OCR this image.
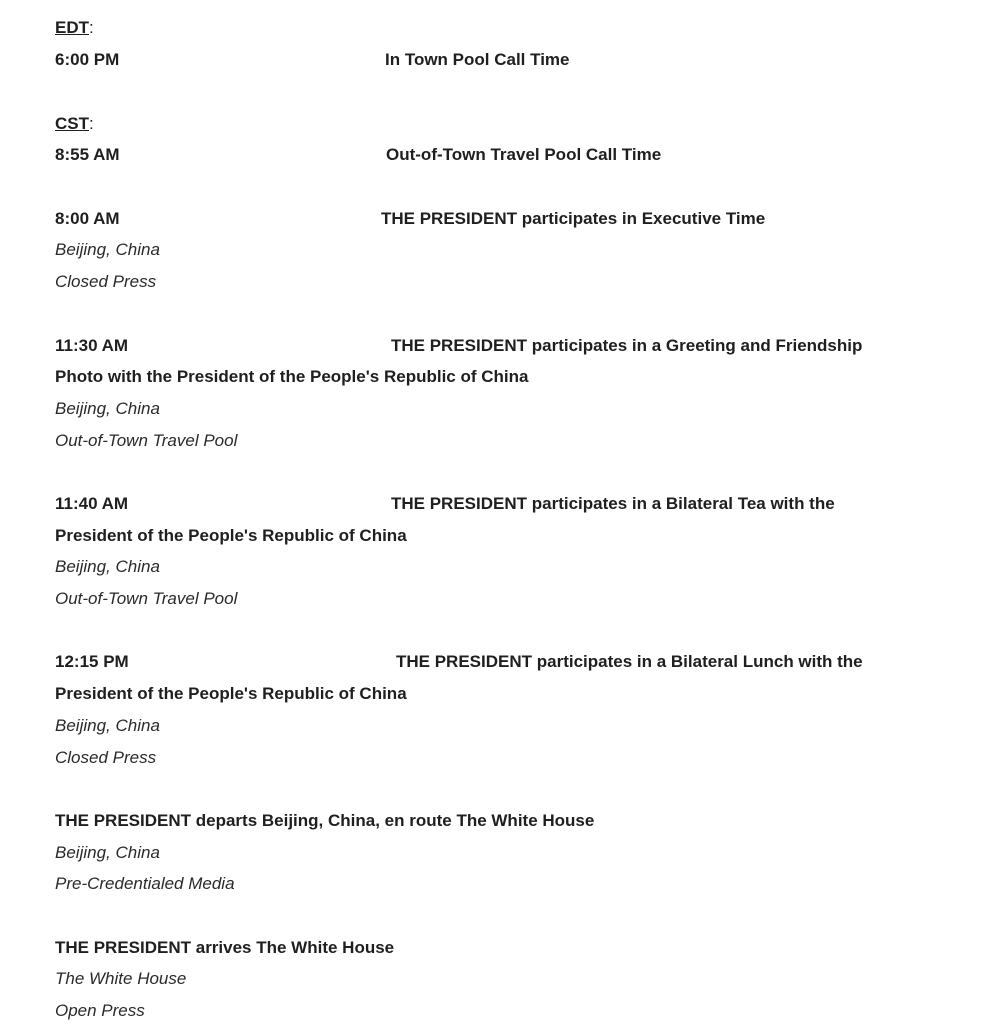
EDT:
6:00 PM	In Town Pool Call Time
CST:
8:55 AM	Out-of-Town Travel Pool Call Time
8:00 AM	THE PRESIDENT participates in Executive Time
Beijing, China
Closed Press
11:30 AM	THE PRESIDENT participates in a Greeting and Friendship
Photo with the President of the People's Republic of China
Beijing, China
Out-of-Town Travel Pool
11:40 AM	THE PRESIDENT participates in a Bilateral Tea with the
President of the People's Republic of China
Beijing, China
Out-of-Town Travel Pool
12:15 PM	THE PRESIDENT participates in a Bilateral Lunch with the
President of the People's Republic of China
Beijing, China
Closed Press
THE PRESIDENT departs Beijing, China, en route The White House
Beijing, China
Pre-Credentialed Media
THE PRESIDENT arrives The White House
The White House
Open Press
